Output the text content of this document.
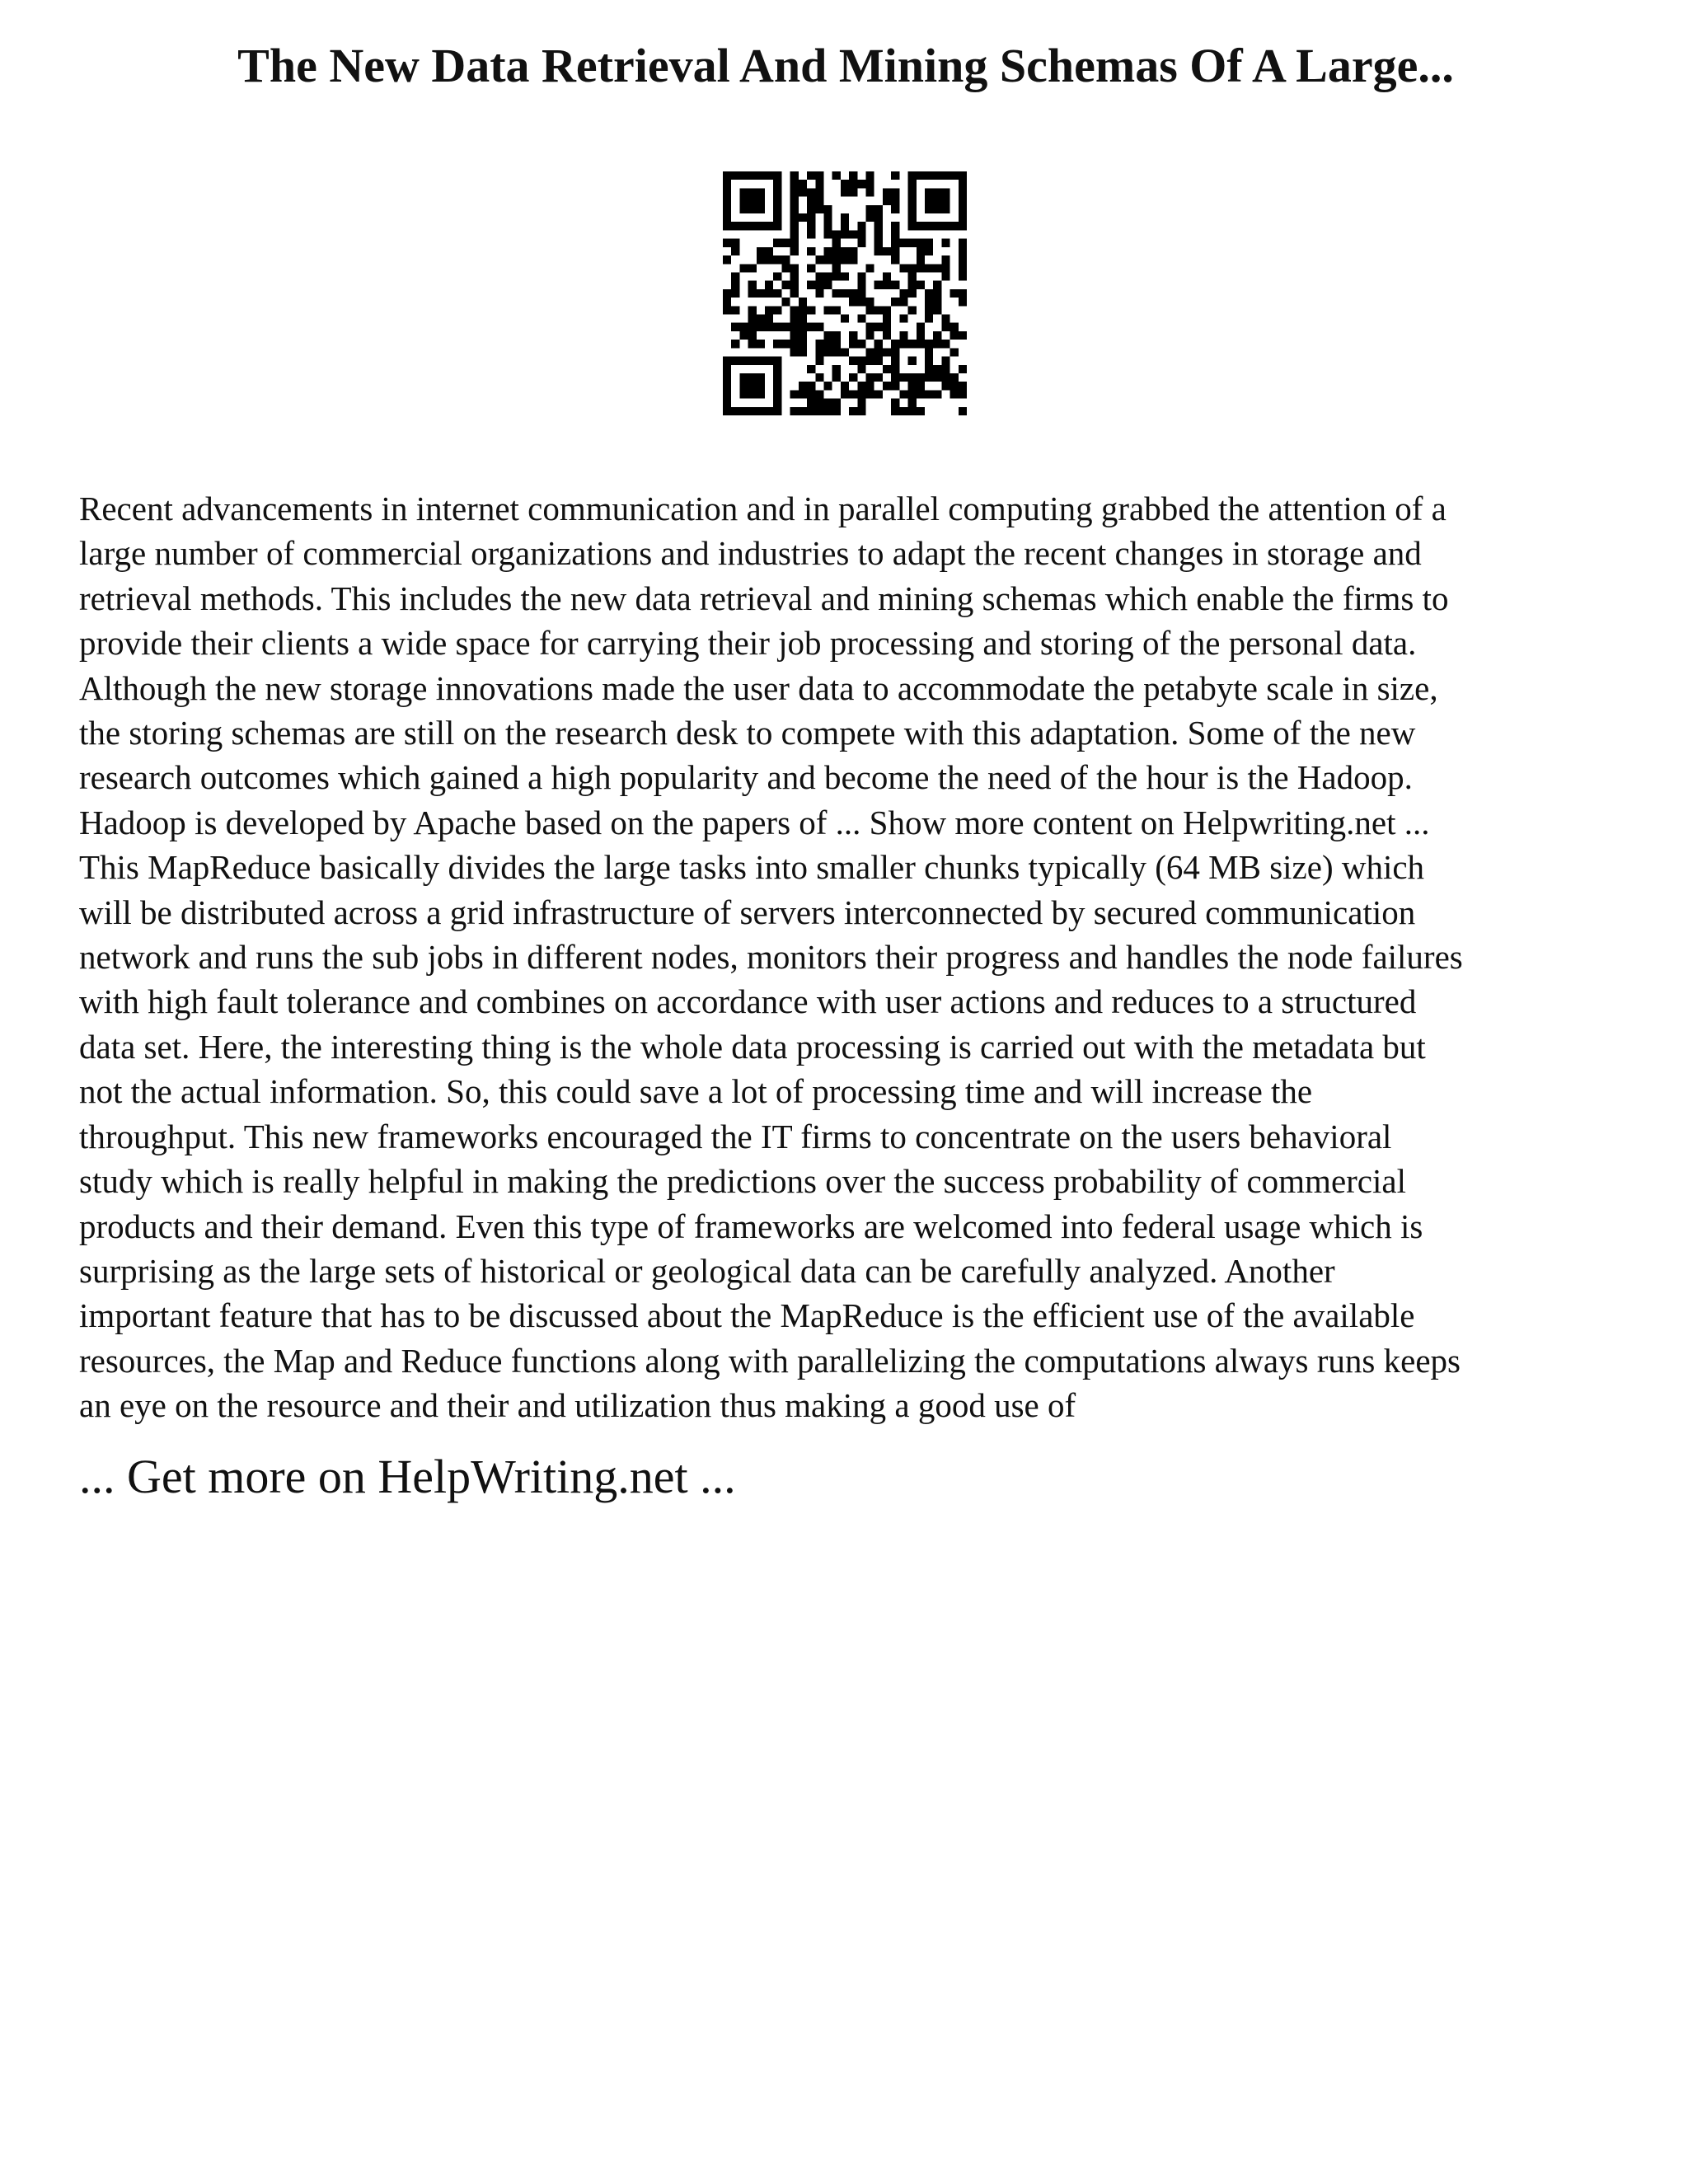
The New Data Retrieval And Mining Schemas Of A Large...
Recent advancements in internet communication and in parallel computing grabbed the attention of a
large number of commercial organizations and industries to adapt the recent changes in storage and
retrieval methods. This includes the new data retrieval and mining schemas which enable the firms to
provide their clients a wide space for carrying their job processing and storing of the personal data.
Although the new storage innovations made the user data to accommodate the petabyte scale in size,
the storing schemas are still on the research desk to compete with this adaptation. Some of the new
research outcomes which gained a high popularity and become the need of the hour is the Hadoop.
Hadoop is developed by Apache based on the papers of ... Show more content on Helpwriting.net ...
This MapReduce basically divides the large tasks into smaller chunks typically (64 MB size) which
will be distributed across a grid infrastructure of servers interconnected by secured communication
network and runs the sub jobs in different nodes, monitors their progress and handles the node failures
with high fault tolerance and combines on accordance with user actions and reduces to a structured
data set. Here, the interesting thing is the whole data processing is carried out with the metadata but
not the actual information. So, this could save a lot of processing time and will increase the
throughput. This new frameworks encouraged the IT firms to concentrate on the users behavioral
study which is really helpful in making the predictions over the success probability of commercial
products and their demand. Even this type of frameworks are welcomed into federal usage which is
surprising as the large sets of historical or geological data can be carefully analyzed. Another
important feature that has to be discussed about the MapReduce is the efficient use of the available
resources, the Map and Reduce functions along with parallelizing the computations always runs keeps
an eye on the resource and their and utilization thus making a good use of
... Get more on HelpWriting.net ...
